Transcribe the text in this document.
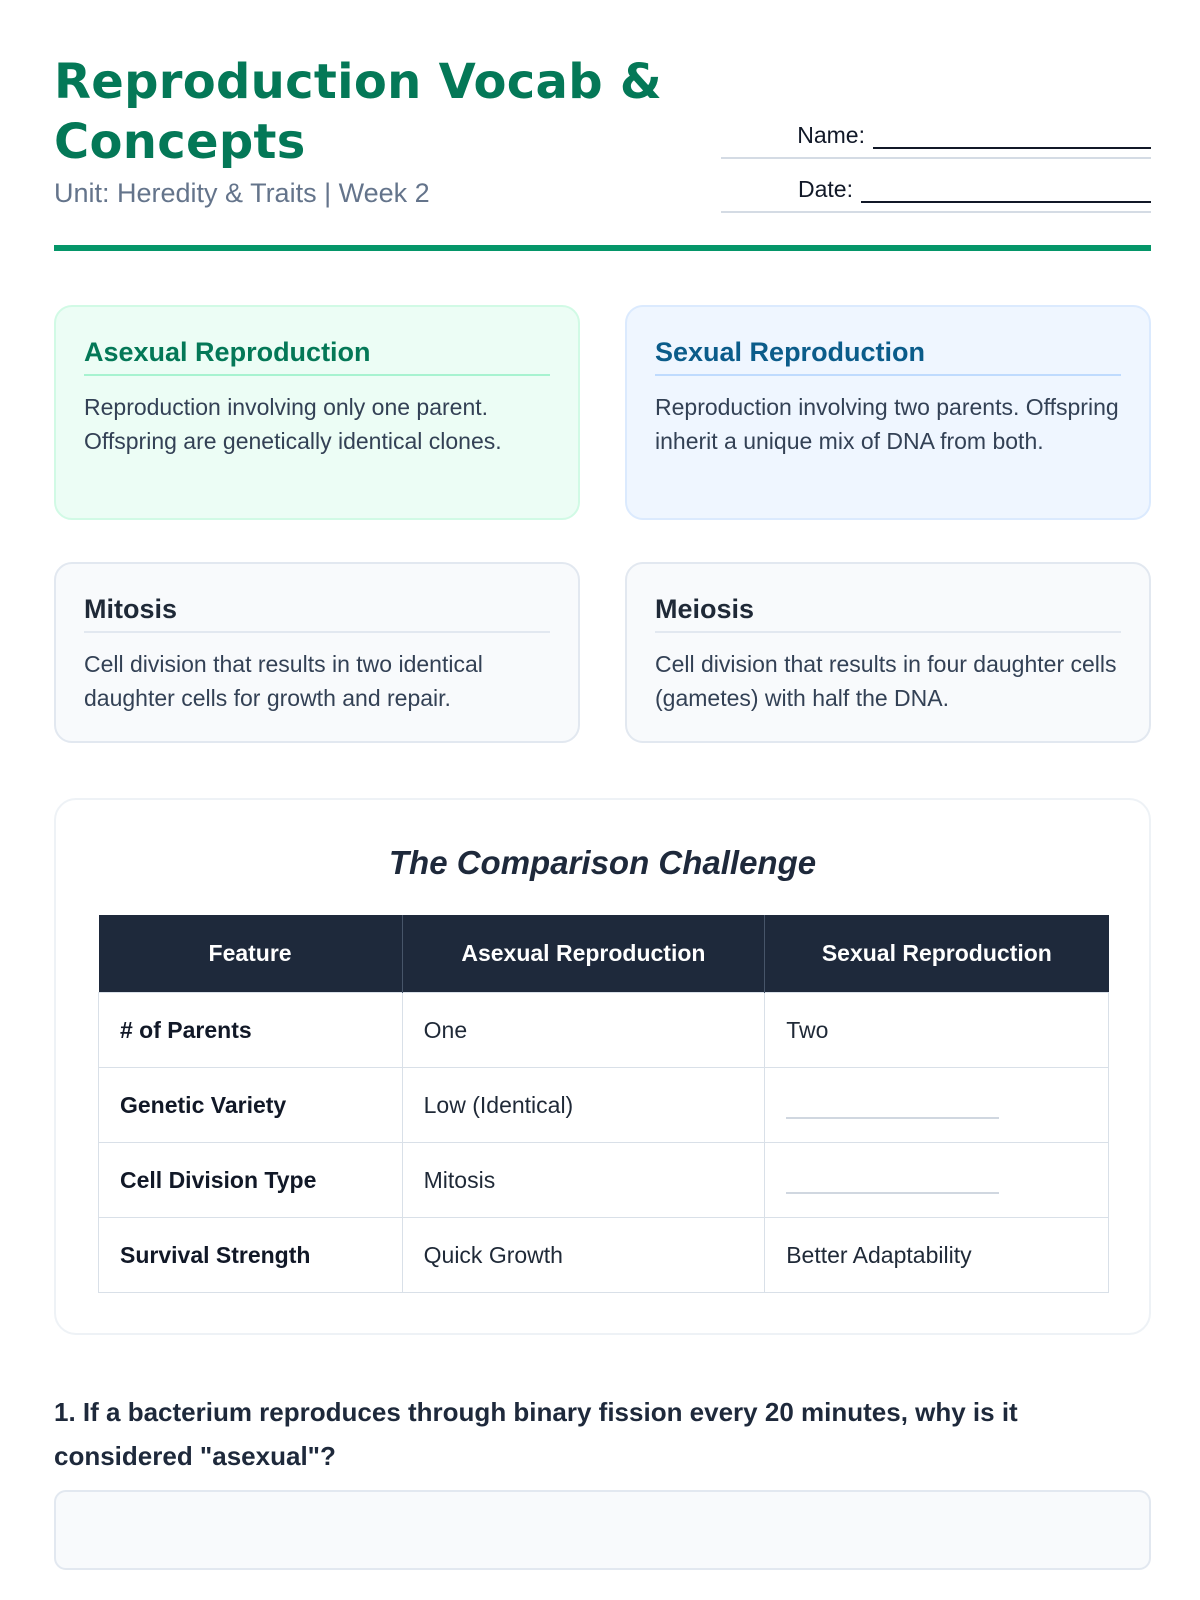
Reproduction Vocab & Concepts

Unit: Heredity & Traits | Week 2

Name:
Date:
Asexual Reproduction

Reproduction involving only one parent. Offspring are genetically identical clones.

Sexual Reproduction

Reproduction involving two parents. Offspring inherit a unique mix of DNA from both.

Mitosis

Cell division that results in two identical daughter cells for growth and repair.

Meiosis

Cell division that results in four daughter cells (gametes) with half the DNA.

The Comparison Challenge
Feature	Asexual Reproduction	Sexual Reproduction
# of Parents	One	Two
Genetic Variety	Low (Identical)	
Cell Division Type	Mitosis	
Survival Strength	Quick Growth	Better Adaptability

1. If a bacterium reproduces through binary fission every 20 minutes, why is it considered "asexual"?
